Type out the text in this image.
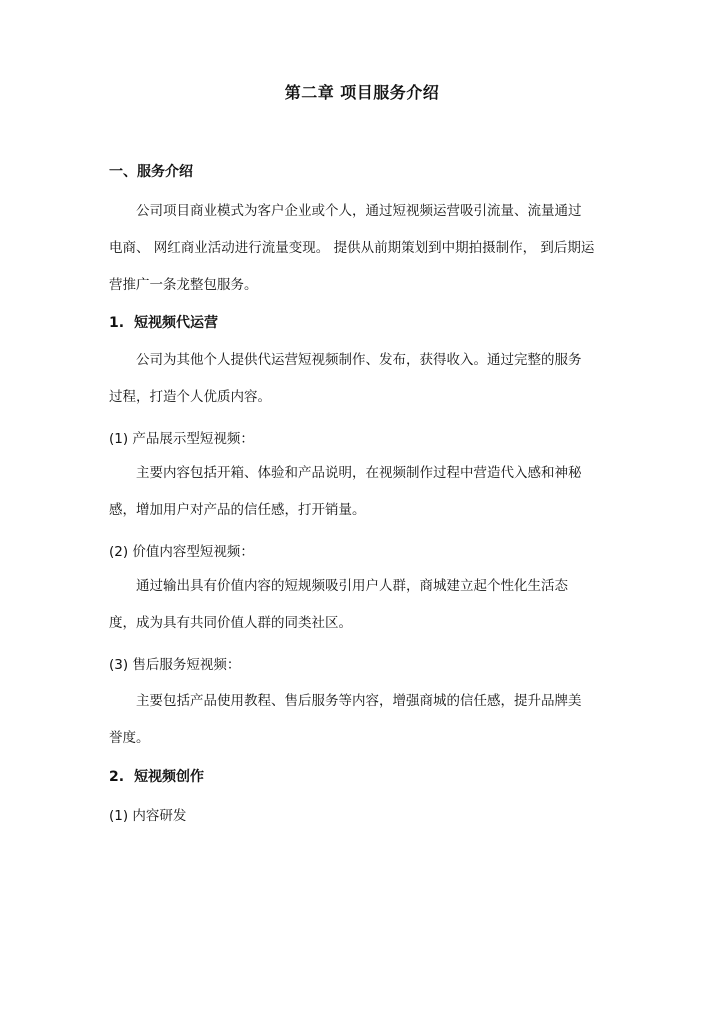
第二章 项目服务介绍
一、服务介绍
公司项目商业模式为客户企业或个人，通过短视频运营吸引流量、流量通过
电商、 网红商业活动进行流量变现。 提供从前期策划到中期拍摄制作， 到后期运
营推广一条龙整包服务。
1. 短视频代运营
公司为其他个人提供代运营短视频制作、发布，获得收入。通过完整的服务
过程，打造个人优质内容。
(1) 产品展示型短视频：
主要内容包括开箱、体验和产品说明，在视频制作过程中营造代入感和神秘
感，增加用户对产品的信任感，打开销量。
(2) 价值内容型短视频：
通过输出具有价值内容的短规频吸引用户人群，商城建立起个性化生活态
度，成为具有共同价值人群的同类社区。
(3) 售后服务短视频：
主要包括产品使用教程、售后服务等内容，增强商城的信任感，提升品牌美
誉度。
2. 短视频创作
(1) 内容研发
